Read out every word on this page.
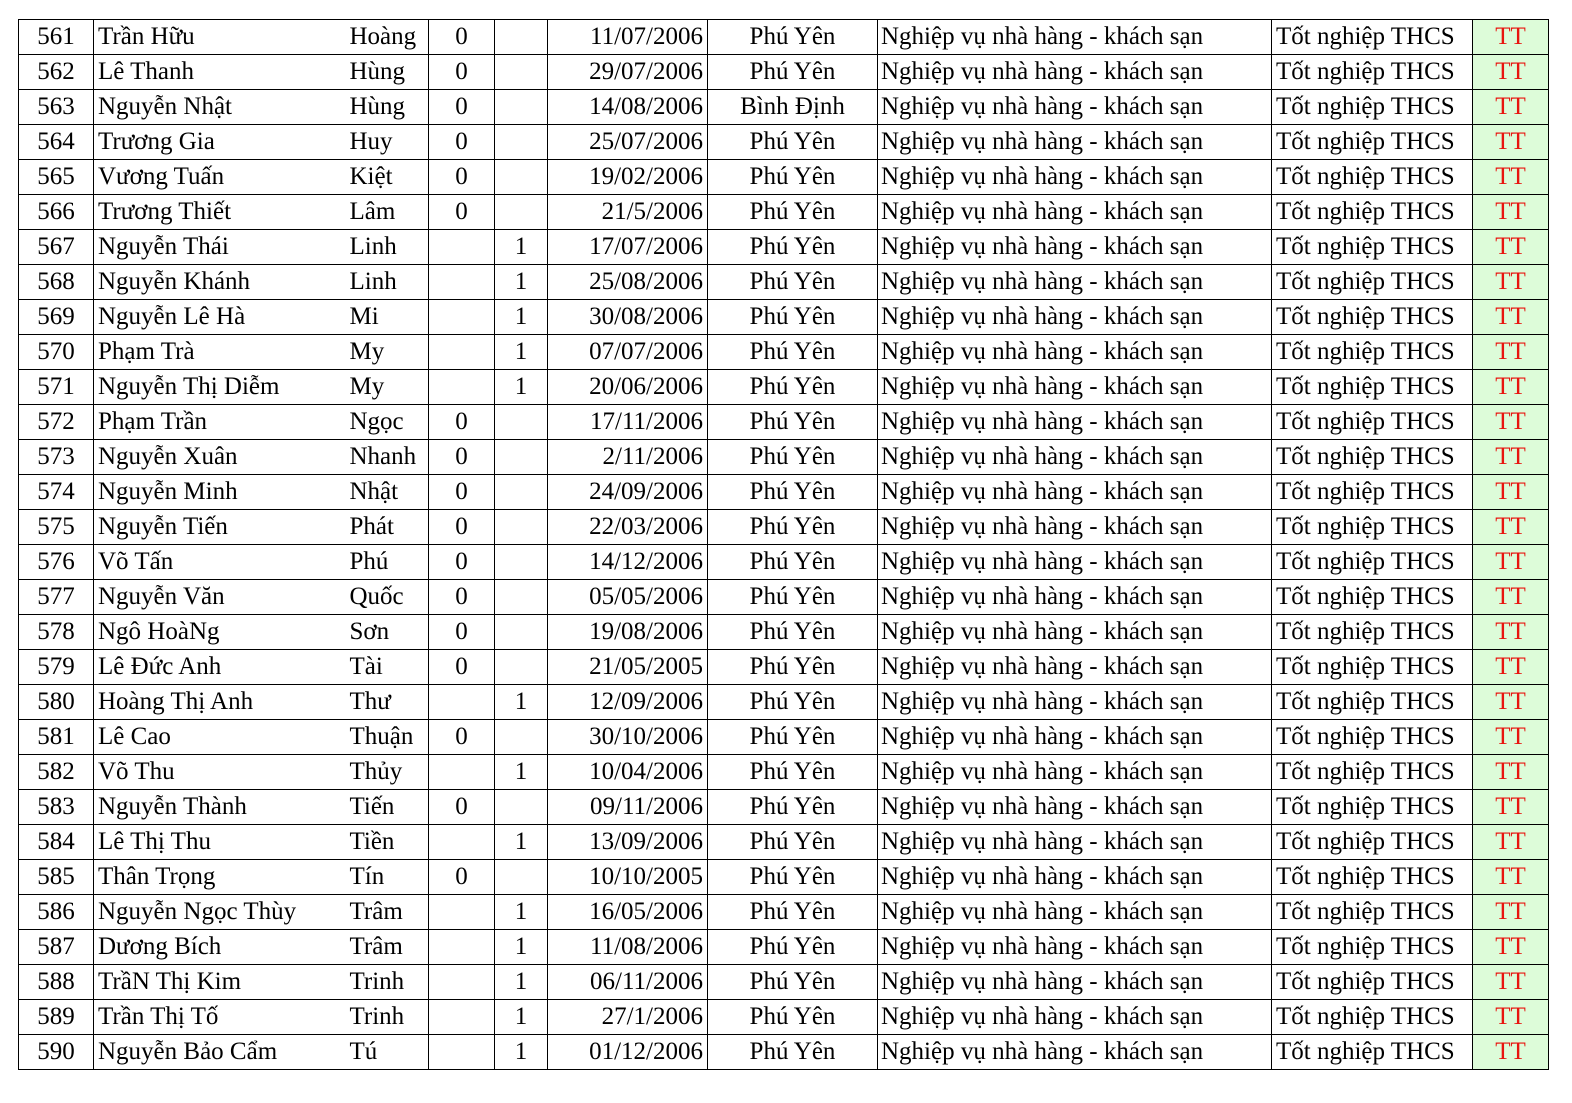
561	Trần Hữu	Hoàng	0		11/07/2006	Phú Yên	Nghiệp vụ nhà hàng - khách sạn	Tốt nghiệp THCS	TT
562	Lê Thanh	Hùng	0		29/07/2006	Phú Yên	Nghiệp vụ nhà hàng - khách sạn	Tốt nghiệp THCS	TT
563	Nguyễn Nhật	Hùng	0		14/08/2006	Bình Định	Nghiệp vụ nhà hàng - khách sạn	Tốt nghiệp THCS	TT
564	Trương Gia	Huy	0		25/07/2006	Phú Yên	Nghiệp vụ nhà hàng - khách sạn	Tốt nghiệp THCS	TT
565	Vương Tuấn	Kiệt	0		19/02/2006	Phú Yên	Nghiệp vụ nhà hàng - khách sạn	Tốt nghiệp THCS	TT
566	Trương Thiết	Lâm	0		21/5/2006	Phú Yên	Nghiệp vụ nhà hàng - khách sạn	Tốt nghiệp THCS	TT
567	Nguyễn Thái	Linh		1	17/07/2006	Phú Yên	Nghiệp vụ nhà hàng - khách sạn	Tốt nghiệp THCS	TT
568	Nguyễn Khánh	Linh		1	25/08/2006	Phú Yên	Nghiệp vụ nhà hàng - khách sạn	Tốt nghiệp THCS	TT
569	Nguyễn Lê Hà	Mi		1	30/08/2006	Phú Yên	Nghiệp vụ nhà hàng - khách sạn	Tốt nghiệp THCS	TT
570	Phạm Trà	My		1	07/07/2006	Phú Yên	Nghiệp vụ nhà hàng - khách sạn	Tốt nghiệp THCS	TT
571	Nguyễn Thị Diễm	My		1	20/06/2006	Phú Yên	Nghiệp vụ nhà hàng - khách sạn	Tốt nghiệp THCS	TT
572	Phạm Trần	Ngọc	0		17/11/2006	Phú Yên	Nghiệp vụ nhà hàng - khách sạn	Tốt nghiệp THCS	TT
573	Nguyễn Xuân	Nhanh	0		2/11/2006	Phú Yên	Nghiệp vụ nhà hàng - khách sạn	Tốt nghiệp THCS	TT
574	Nguyễn Minh	Nhật	0		24/09/2006	Phú Yên	Nghiệp vụ nhà hàng - khách sạn	Tốt nghiệp THCS	TT
575	Nguyễn Tiến	Phát	0		22/03/2006	Phú Yên	Nghiệp vụ nhà hàng - khách sạn	Tốt nghiệp THCS	TT
576	Võ Tấn	Phú	0		14/12/2006	Phú Yên	Nghiệp vụ nhà hàng - khách sạn	Tốt nghiệp THCS	TT
577	Nguyễn Văn	Quốc	0		05/05/2006	Phú Yên	Nghiệp vụ nhà hàng - khách sạn	Tốt nghiệp THCS	TT
578	Ngô HoàNg	Sơn	0		19/08/2006	Phú Yên	Nghiệp vụ nhà hàng - khách sạn	Tốt nghiệp THCS	TT
579	Lê Đức Anh	Tài	0		21/05/2005	Phú Yên	Nghiệp vụ nhà hàng - khách sạn	Tốt nghiệp THCS	TT
580	Hoàng Thị Anh	Thư		1	12/09/2006	Phú Yên	Nghiệp vụ nhà hàng - khách sạn	Tốt nghiệp THCS	TT
581	Lê Cao	Thuận	0		30/10/2006	Phú Yên	Nghiệp vụ nhà hàng - khách sạn	Tốt nghiệp THCS	TT
582	Võ Thu	Thủy		1	10/04/2006	Phú Yên	Nghiệp vụ nhà hàng - khách sạn	Tốt nghiệp THCS	TT
583	Nguyễn Thành	Tiến	0		09/11/2006	Phú Yên	Nghiệp vụ nhà hàng - khách sạn	Tốt nghiệp THCS	TT
584	Lê Thị Thu	Tiền		1	13/09/2006	Phú Yên	Nghiệp vụ nhà hàng - khách sạn	Tốt nghiệp THCS	TT
585	Thân Trọng	Tín	0		10/10/2005	Phú Yên	Nghiệp vụ nhà hàng - khách sạn	Tốt nghiệp THCS	TT
586	Nguyễn Ngọc Thùy	Trâm		1	16/05/2006	Phú Yên	Nghiệp vụ nhà hàng - khách sạn	Tốt nghiệp THCS	TT
587	Dương Bích	Trâm		1	11/08/2006	Phú Yên	Nghiệp vụ nhà hàng - khách sạn	Tốt nghiệp THCS	TT
588	TrầN Thị Kim	Trinh		1	06/11/2006	Phú Yên	Nghiệp vụ nhà hàng - khách sạn	Tốt nghiệp THCS	TT
589	Trần Thị Tố	Trinh		1	27/1/2006	Phú Yên	Nghiệp vụ nhà hàng - khách sạn	Tốt nghiệp THCS	TT
590	Nguyễn Bảo Cẩm	Tú		1	01/12/2006	Phú Yên	Nghiệp vụ nhà hàng - khách sạn	Tốt nghiệp THCS	TT
